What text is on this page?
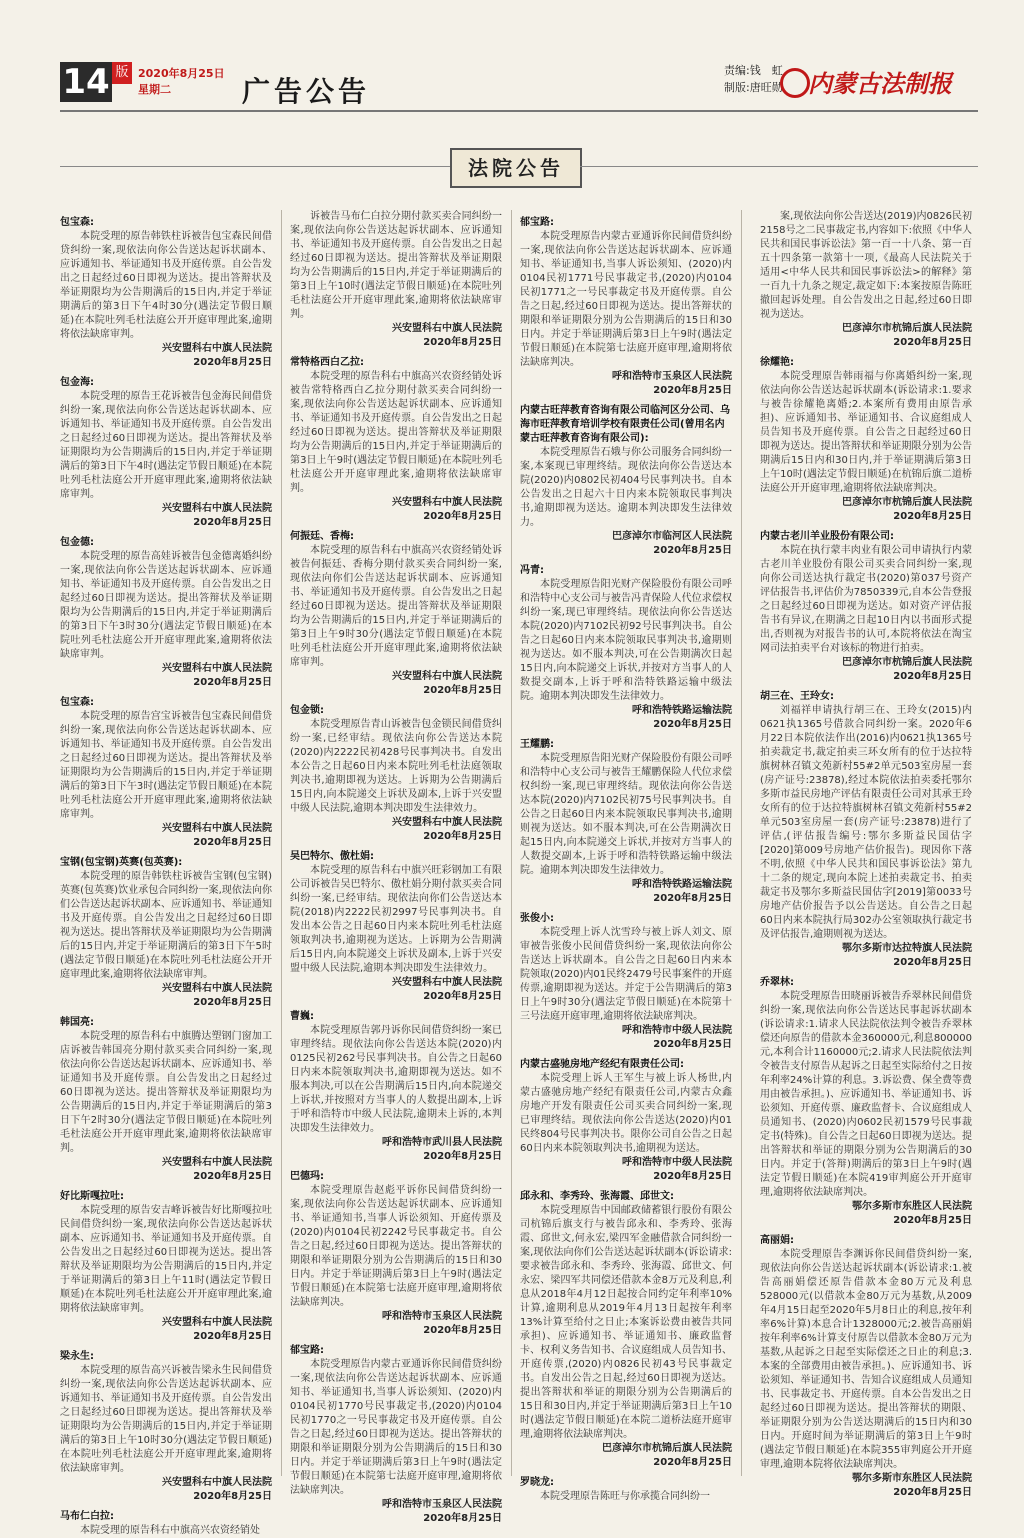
14 版 2020年8月25日
星期二	广告公告
责编:钱　虹
制版:唐旺勋 内蒙古法制报
法院公告
包宝森:
本院受理的原告韩铁柱诉被告包宝森民间借贷纠纷一案,现依法向你公告送达起诉状副本、应诉通知书、举证通知书及开庭传票。自公告发出之日起经过60日即视为送达。提出答辩状及举证期限均为公告期满后的15日内,并定于举证期满后的第3日下午4时30分(遇法定节假日顺延)在本院吐列毛杜法庭公开开庭审理此案,逾期将依法缺席审判。
兴安盟科右中旗人民法院
2020年8月25日
包金海:
本院受理的原告王花诉被告包金海民间借贷纠纷一案,现依法向你公告送达起诉状副本、应诉通知书、举证通知书及开庭传票。自公告发出之日起经过60日即视为送达。提出答辩状及举证期限均为公告期满后的15日内,并定于举证期满后的第3日下午4时(遇法定节假日顺延)在本院吐列毛杜法庭公开开庭审理此案,逾期将依法缺席审判。
兴安盟科右中旗人民法院
2020年8月25日
包金德:
本院受理的原告高娃诉被告包金德离婚纠纷一案,现依法向你公告送达起诉状副本、应诉通知书、举证通知书及开庭传票。自公告发出之日起经过60日即视为送达。提出答辩状及举证期限均为公告期满后的15日内,并定于举证期满后的第3日下午3时30分(遇法定节假日顺延)在本院吐列毛杜法庭公开开庭审理此案,逾期将依法缺席审判。
兴安盟科右中旗人民法院
2020年8月25日
包宝森:
本院受理的原告宫宝诉被告包宝森民间借贷纠纷一案,现依法向你公告送达起诉状副本、应诉通知书、举证通知书及开庭传票。自公告发出之日起经过60日即视为送达。提出答辩状及举证期限均为公告期满后的15日内,并定于举证期满后的第3日下午3时(遇法定节假日顺延)在本院吐列毛杜法庭公开开庭审理此案,逾期将依法缺席审判。
兴安盟科右中旗人民法院
2020年8月25日
宝钢(包宝钢)英赛(包英赛):
本院受理的原告韩铁柱诉被告宝钢(包宝钢)英赛(包英赛)饮业承包合同纠纷一案,现依法向你们公告送达起诉状副本、应诉通知书、举证通知书及开庭传票。自公告发出之日起经过60日即视为送达。提出答辩状及举证期限均为公告期满后的15日内,并定于举证期满后的第3日下午5时(遇法定节假日顺延)在本院吐列毛杜法庭公开开庭审理此案,逾期将依法缺席审判。
兴安盟科右中旗人民法院
2020年8月25日
韩国亮:
本院受理的原告科右中旗腾达塑钢门窗加工店诉被告韩国亮分期付款买卖合同纠纷一案,现依法向你公告送达起诉状副本、应诉通知书、举证通知书及开庭传票。自公告发出之日起经过60日即视为送达。提出答辩状及举证期限均为公告期满后的15日内,并定于举证期满后的第3日下午2时30分(遇法定节假日顺延)在本院吐列毛杜法庭公开开庭审理此案,逾期将依法缺席审判。
兴安盟科右中旗人民法院
2020年8月25日
好比斯嘎拉吐:
本院受理的原告安吉峰诉被告好比斯嘎拉吐民间借贷纠纷一案,现依法向你公告送达起诉状副本、应诉通知书、举证通知书及开庭传票。自公告发出之日起经过60日即视为送达。提出答辩状及举证期限均为公告期满后的15日内,并定于举证期满后的第3日上午11时(遇法定节假日顺延)在本院吐列毛杜法庭公开开庭审理此案,逾期将依法缺席审判。
兴安盟科右中旗人民法院
2020年8月25日
梁永生:
本院受理的原告高兴诉被告梁永生民间借贷纠纷一案,现依法向你公告送达起诉状副本、应诉通知书、举证通知书及开庭传票。自公告发出之日起经过60日即视为送达。提出答辩状及举证期限均为公告期满后的15日内,并定于举证期满后的第3日上午10时30分(遇法定节假日顺延)在本院吐列毛杜法庭公开开庭审理此案,逾期将依法缺席审判。
兴安盟科右中旗人民法院
2020年8月25日
马布仁白拉:
本院受理的原告科右中旗高兴农资经销处
诉被告马布仁白拉分期付款买卖合同纠纷一案,现依法向你公告送达起诉状副本、应诉通知书、举证通知书及开庭传票。自公告发出之日起经过60日即视为送达。提出答辩状及举证期限均为公告期满后的15日内,并定于举证期满后的第3日上午10时(遇法定节假日顺延)在本院吐列毛杜法庭公开开庭审理此案,逾期将依法缺席审判。
兴安盟科右中旗人民法院
2020年8月25日
常特格西白乙拉:
本院受理的原告科右中旗高兴农资经销处诉被告常特格西白乙拉分期付款买卖合同纠纷一案,现依法向你公告送达起诉状副本、应诉通知书、举证通知书及开庭传票。自公告发出之日起经过60日即视为送达。提出答辩状及举证期限均为公告期满后的15日内,并定于举证期满后的第3日上午9时(遇法定节假日顺延)在本院吐列毛杜法庭公开开庭审理此案,逾期将依法缺席审判。
兴安盟科右中旗人民法院
2020年8月25日
何振廷、香梅:
本院受理的原告科右中旗高兴农资经销处诉被告何振廷、香梅分期付款买卖合同纠纷一案,现依法向你们公告送达起诉状副本、应诉通知书、举证通知书及开庭传票。自公告发出之日起经过60日即视为送达。提出答辩状及举证期限均为公告期满后的15日内,并定于举证期满后的第3日上午9时30分(遇法定节假日顺延)在本院吐列毛杜法庭公开开庭审理此案,逾期将依法缺席审判。
兴安盟科右中旗人民法院
2020年8月25日
包金锁:
本院受理原告青山诉被告包金锁民间借贷纠纷一案,已经审结。现依法向你公告送达本院(2020)内2222民初428号民事判决书。自发出本公告之日起60日内来本院吐列毛杜法庭领取判决书,逾期即视为送达。上诉期为公告期满后15日内,向本院递交上诉状及副本,上诉于兴安盟中级人民法院,逾期本判决即发生法律效力。
兴安盟科右中旗人民法院
2020年8月25日
吴巴特尔、傲杜娟:
本院受理的原告科右中旗兴旺彩钢加工有限公司诉被告吴巴特尔、傲杜娟分期付款买卖合同纠纷一案,已经审结。现依法向你们公告送达本院(2018)内2222民初2997号民事判决书。自发出本公告之日起60日内来本院吐列毛杜法庭领取判决书,逾期视为送达。上诉期为公告期满后15日内,向本院递交上诉状及副本,上诉于兴安盟中级人民法院,逾期本判决即发生法律效力。
兴安盟科右中旗人民法院
2020年8月25日
曹巍:
本院受理原告郭丹诉你民间借贷纠纷一案已审理终结。现依法向你公告送达本院(2020)内0125民初262号民事判决书。自公告之日起60日内来本院领取判决书,逾期即视为送达。如不服本判决,可以在公告期满后15日内,向本院递交上诉状,并按照对方当事人的人数提出副本,上诉于呼和浩特市中级人民法院,逾期未上诉的,本判决即发生法律效力。
呼和浩特市武川县人民法院
2020年8月25日
巴德玛:
本院受理原告赵彪平诉你民间借贷纠纷一案,现依法向你公告送达起诉状副本、应诉通知书、举证通知书,当事人诉讼须知、开庭传票及(2020)内0104民初2242号民事裁定书。自公告之日起,经过60日即视为送达。提出答辩状的期限和举证期限分别为公告期满后的15日和30日内。并定于举证期满后第3日上午9时(遇法定节假日顺延)在本院第七法庭开庭审理,逾期将依法缺席判决。
呼和浩特市玉泉区人民法院
2020年8月25日
郁宝路:
本院受理原告内蒙古亚通诉你民间借贷纠纷一案,现依法向你公告送达起诉状副本、应诉通知书、举证通知书,当事人诉讼须知、(2020)内0104民初1770号民事裁定书,(2020)内0104民初1770之一号民事裁定书及开庭传票。自公告之日起,经过60日即视为送达。提出答辩状的期限和举证期限分别为公告期满后的15日和30日内。并定于举证期满后第3日上午9时(遇法定节假日顺延)在本院第七法庭开庭审理,逾期将依法缺席判决。
呼和浩特市玉泉区人民法院
2020年8月25日
郁宝路:
本院受理原告内蒙古亚通诉你民间借贷纠纷一案,现依法向你公告送达起诉状副本、应诉通知书、举证通知书,当事人诉讼须知、(2020)内0104民初1771号民事裁定书,(2020)内0104民初1771之一号民事裁定书及开庭传票。自公告之日起,经过60日即视为送达。提出答辩状的期限和举证期限分别为公告期满后的15日和30日内。并定于举证期满后第3日上午9时(遇法定节假日顺延)在本院第七法庭开庭审理,逾期将依法缺席判决。
呼和浩特市玉泉区人民法院
2020年8月25日
内蒙古旺萍教育咨询有限公司临河区分公司、乌海市旺萍教育培训学校有限责任公司(曾用名内蒙古旺萍教育咨询有限公司):
本院受理原告石娥与你公司服务合同纠纷一案,本案现已审理终结。现依法向你公告送达本院(2020)内0802民初404号民事判决书。自本公告发出之日起六十日内来本院领取民事判决书,逾期即视为送达。逾期本判决即发生法律效力。
巴彦淖尔市临河区人民法院
2020年8月25日
冯青:
本院受理原告阳光财产保险股份有限公司呼和浩特中心支公司与被告冯青保险人代位求偿权纠纷一案,现已审理终结。现依法向你公告送达本院(2020)内7102民初92号民事判决书。自公告之日起60日内来本院领取民事判决书,逾期则视为送达。如不服本判决,可在公告期满次日起15日内,向本院递交上诉状,并按对方当事人的人数提交副本,上诉于呼和浩特铁路运输中级法院。逾期本判决即发生法律效力。
呼和浩特铁路运输法院
2020年8月25日
王耀鹏:
本院受理原告阳光财产保险股份有限公司呼和浩特中心支公司与被告王耀鹏保险人代位求偿权纠纷一案,现已审理终结。现依法向你公告送达本院(2020)内7102民初75号民事判决书。自公告之日起60日内来本院领取民事判决书,逾期则视为送达。如不服本判决,可在公告期满次日起15日内,向本院递交上诉状,并按对方当事人的人数提交副本,上诉于呼和浩特铁路运输中级法院。逾期本判决即发生法律效力。
呼和浩特铁路运输法院
2020年8月25日
张俊小:
本院受理上诉人沈雪玲与被上诉人刘文、原审被告张俊小民间借贷纠纷一案,现依法向你公告送达上诉状副本。自公告之日起60日内来本院领取(2020)内01民终2479号民事案件的开庭传票,逾期即视为送达。并定于公告期满后的第3日上午9时30分(遇法定节假日顺延)在本院第十三号法庭开庭审理,逾期将依法缺席判决。
呼和浩特市中级人民法院
2020年8月25日
内蒙古盛驰房地产经纪有限责任公司:
本院受理上诉人王军生与被上诉人杨世,内蒙古盛驰房地产经纪有限责任公司,内蒙古众鑫房地产开发有限责任公司买卖合同纠纷一案,现已审理终结。现依法向你公告送达(2020)内01民终804号民事判决书。限你公司自公告之日起60日内来本院领取判决书,逾期视为送达。
呼和浩特市中级人民法院
2020年8月25日
邱永和、李秀玲、张海霞、邱世文:
本院受理原告中国邮政储蓄银行股份有限公司杭锦后旗支行与被告邱永和、李秀玲、张海霞、邱世文,何永宏,梁四军金融借款合同纠纷一案,现依法向你们公告送达起诉状副本(诉讼请求:要求被告邱永和、李秀玲、张海霞、邱世文、何永宏、梁四军共同偿还借款本金8万元及利息,利息从2018年4月12日起按合同约定年利率10%计算,逾期利息从2019年4月13日起按年利率13%计算至给付之日止;本案诉讼费由被告共同承担)、应诉通知书、举证通知书、廉政监督卡、权利义务告知书、合议庭组成人员告知书、开庭传票,(2020)内0826民初43号民事裁定书。自发出公告之日起,经过60日即视为送达。提出答辩状和举证的期限分别为公告期满后的15日和30日内,并定于举证期满后第3日上午10时(遇法定节假日顺延)在本院二道桥法庭开庭审理,逾期将依法缺席判决。
巴彦淖尔市杭锦后旗人民法院
2020年8月25日
罗晓龙:
本院受理原告陈旺与你承揽合同纠纷一
案,现依法向你公告送达(2019)内0826民初2158号之二民事裁定书,内容如下:依照《中华人民共和国民事诉讼法》第一百一十八条、第一百五十四条第一款第十一项,《最高人民法院关于适用<中华人民共和国民事诉讼法>的解释》第一百九十九条之规定,裁定如下:本案按原告陈旺撤回起诉处理。自公告发出之日起,经过60日即视为送达。
巴彦淖尔市杭锦后旗人民法院
2020年8月25日
徐耀艳:
本院受理原告韩雨福与你离婚纠纷一案,现依法向你公告送达起诉状副本(诉讼请求:1.要求与被告徐耀艳离婚;2.本案所有费用由原告承担)、应诉通知书、举证通知书、合议庭组成人员告知书及开庭传票。自公告之日起经过60日即视为送达。提出答辩状和举证期限分别为公告期满后15日内和30日内,并于举证期满后第3日上午10时(遇法定节假日顺延)在杭锦后旗二道桥法庭公开开庭审理,逾期将依法缺席判决。
巴彦淖尔市杭锦后旗人民法院
2020年8月25日
内蒙古老川羊业股份有限公司:
本院在执行蒙丰肉业有限公司申请执行内蒙古老川羊业股份有限公司买卖合同纠纷一案,现向你公司送达执行裁定书(2020)第037号资产评估报告书,评估价为7850339元,自本公告登报之日起经过60日即视为送达。如对资产评估报告书有异议,在期满之日起10日内以书面形式提出,否则视为对报告书的认可,本院将依法在淘宝网司法拍卖平台对该标的物进行拍卖。
巴彦淖尔市杭锦后旗人民法院
2020年8月25日
胡三在、王玲女:
刘福祥申请执行胡三在、王玲女(2015)内0621执1365号借款合同纠纷一案。2020年6月22日本院依法作出(2016)内0621执1365号拍卖裁定书,裁定拍卖三环女所有的位于达拉特旗树林召镇文苑新村55#2单元503室房屋一套(房产证号:23878),经过本院依法拍卖委托鄂尔多斯市益民房地产评估有限责任公司对其承王玲女所有的位于达拉特旗树林召镇文苑新村55#2单元503室房屋一套(房产证号:23878)进行了评估,(评估报告编号:鄂尔多斯益民国估字[2020]第009号房地产估价报告)。现因你下落不明,依照《中华人民共和国民事诉讼法》第九十二条的规定,现向本院上述拍卖裁定书、拍卖裁定书及鄂尔多斯益民国估字[2019]第0033号房地产估价报告予以公告送达。自公告之日起60日内来本院执行局302办公室领取执行裁定书及评估报告,逾期则视为送达。
鄂尔多斯市达拉特旗人民法院
2020年8月25日
乔翠林:
本院受理原告田晓丽诉被告乔翠林民间借贷纠纷一案,现依法向你公告送达民事起诉状副本(诉讼请求:1.请求人民法院依法判令被告乔翠林偿还向原告的借款本金360000元,利息800000元,本利合计1160000元;2.请求人民法院依法判令被告支付原告从起诉之日起至实际给付之日按年利率24%计算的利息。3.诉讼费、保全费等费用由被告承担。)、应诉通知书、举证通知书、诉讼须知、开庭传票、廉政监督卡、合议庭组成人员通知书、(2020)内0602民初1579号民事裁定书(特殊)。自公告之日起60日即视为送达。提出答辩状和举证的期限分别为公告期满后的30日内。并定于(答辩)期满后的第3日上午9时(遇法定节假日顺延)在本院419审判庭公开开庭审理,逾期将依法缺席判决。
鄂尔多斯市东胜区人民法院
2020年8月25日
高丽娟:
本院受理原告李渊诉你民间借贷纠纷一案,现依法向你公告送达起诉状副本(诉讼请求:1.被告高丽娟偿还原告借款本金80万元及利息528000元(以借款本金80万元为基数,从2009年4月15日起至2020年5月8日止的利息,按年利率6%计算)本息合计1328000元;2.被告高丽娟按年利率6%计算支付原告以借款本金80万元为基数,从起诉之日起至实际偿还之日止的利息;3.本案的全部费用由被告承担。)、应诉通知书、诉讼须知、举证通知书、告知合议庭组成人员通知书、民事裁定书、开庭传票。自本公告发出之日起经过60日即视为送达。提出答辩状的期限、举证期限分别为公告送达期满后的15日内和30日内。开庭时间为举证期满后的第3日上午9时(遇法定节假日顺延)在本院355审判庭公开开庭审理,逾期本院将依法缺席判决。
鄂尔多斯市东胜区人民法院
2020年8月25日
